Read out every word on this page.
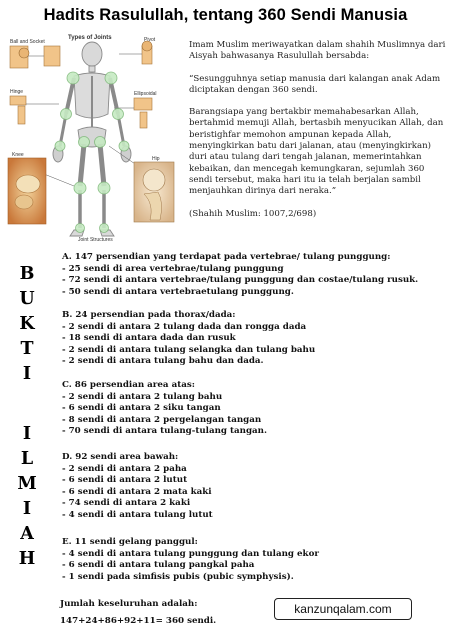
Hadits Rasulullah, tentang 360 Sendi Manusia
Types of Joints
Ball and Socket	Pivot
Hinge	Ellipsoidal
Knee
Hip
Joint Structures

Imam Muslim meriwayatkan dalam shahih Muslimnya dari Aisyah bahwasanya Rasulullah bersabda:

“Sesungguhnya setiap manusia dari kalangan anak Adam diciptakan dengan 360 sendi.

Barangsiapa yang bertakbir memahabesarkan Allah, bertahmid memuji Allah, bertasbih menyucikan Allah, dan beristighfar memohon ampunan kepada Allah, menyingkirkan batu dari jalanan, atau (menyingkirkan) duri atau tulang dari tengah jalanan, memerintahkan kebaikan, dan mencegah kemungkaran, sejumlah 360 sendi tersebut, maka hari itu ia telah berjalan sambil menjauhkan dirinya dari neraka.”

(Shahih Muslim: 1007,2/698)

B
U
K
T
I
I
L
M
I
A
H
A. 147 persendian yang terdapat pada vertebrae/ tulang punggung:
- 25 sendi di area vertebrae/tulang punggung
- 72 sendi di antara vertebrae/tulang punggung dan costae/tulang rusuk.
- 50 sendi di antara vertebraetulang punggung.
B. 24 persendian pada thorax/dada:
- 2 sendi di antara 2 tulang dada dan rongga dada
- 18 sendi di antara dada dan rusuk
- 2 sendi di antara tulang selangka dan tulang bahu
- 2 sendi di antara tulang bahu dan dada.
C. 86 persendian area atas:
- 2 sendi di antara 2 tulang bahu
- 6 sendi di antara 2 siku tangan
- 8 sendi di antara 2 pergelangan tangan
- 70 sendi di antara tulang-tulang tangan.
D. 92 sendi area bawah:
- 2 sendi di antara 2 paha
- 6 sendi di antara 2 lutut
- 6 sendi di antara 2 mata kaki
- 74 sendi di antara 2 kaki
- 4 sendi di antara tulang lutut
E. 11 sendi gelang panggul:
- 4 sendi di antara tulang punggung dan tulang ekor
- 6 sendi di antara tulang pangkal paha
- 1 sendi pada simfisis pubis (pubic symphysis).
Jumlah keseluruhan adalah:
147+24+86+92+11= 360 sendi.
kanzunqalam.com
